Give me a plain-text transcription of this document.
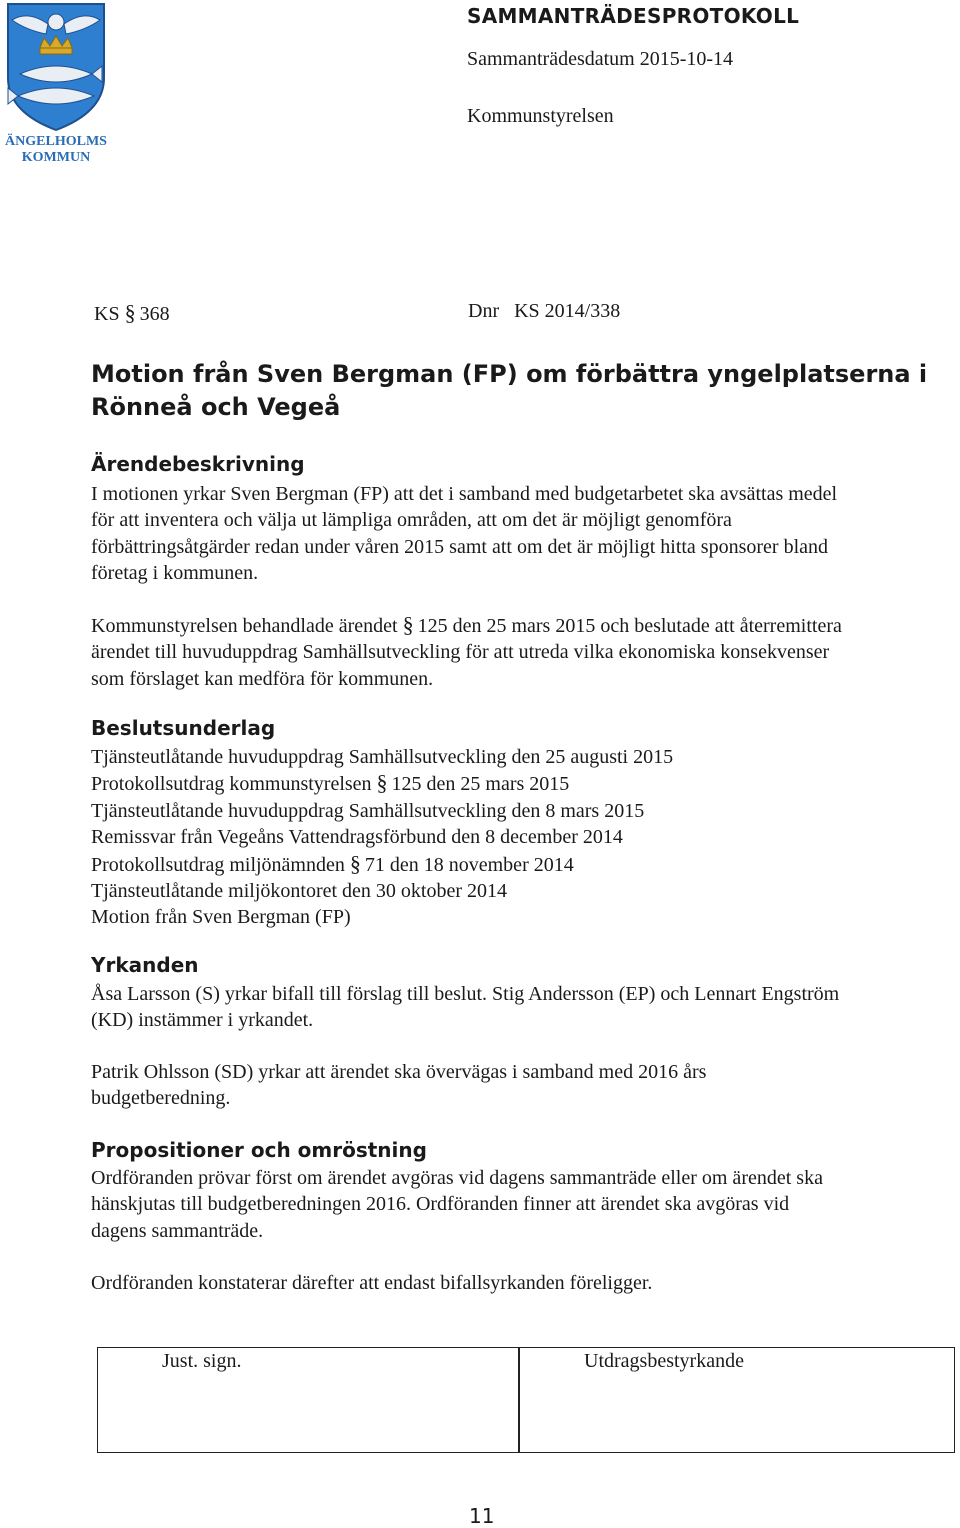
ÄNGELHOLMS
KOMMUN
SAMMANTRÄDESPROTOKOLL
Sammanträdesdatum 2015-10-14
Kommunstyrelsen
KS § 368	Dnr KS 2014/338
Motion från Sven Bergman (FP) om förbättra yngelplatserna i
Rönneå och Vegeå
Ärendebeskrivning
I motionen yrkar Sven Bergman (FP) att det i samband med budgetarbetet ska avsättas medel
för att inventera och välja ut lämpliga områden, att om det är möjligt genomföra
förbättringsåtgärder redan under våren 2015 samt att om det är möjligt hitta sponsorer bland
företag i kommunen.
Kommunstyrelsen behandlade ärendet § 125 den 25 mars 2015 och beslutade att återremittera
ärendet till huvuduppdrag Samhällsutveckling för att utreda vilka ekonomiska konsekvenser
som förslaget kan medföra för kommunen.
Beslutsunderlag
Tjänsteutlåtande huvuduppdrag Samhällsutveckling den 25 augusti 2015
Protokollsutdrag kommunstyrelsen § 125 den 25 mars 2015
Tjänsteutlåtande huvuduppdrag Samhällsutveckling den 8 mars 2015
Remissvar från Vegeåns Vattendragsförbund den 8 december 2014
Protokollsutdrag miljönämnden § 71 den 18 november 2014
Tjänsteutlåtande miljökontoret den 30 oktober 2014
Motion från Sven Bergman (FP)
Yrkanden
Åsa Larsson (S) yrkar bifall till förslag till beslut. Stig Andersson (EP) och Lennart Engström
(KD) instämmer i yrkandet.
Patrik Ohlsson (SD) yrkar att ärendet ska övervägas i samband med 2016 års
budgetberedning.
Propositioner och omröstning
Ordföranden prövar först om ärendet avgöras vid dagens sammanträde eller om ärendet ska
hänskjutas till budgetberedningen 2016. Ordföranden finner att ärendet ska avgöras vid
dagens sammanträde.
Ordföranden konstaterar därefter att endast bifallsyrkanden föreligger.
Just. sign.	Utdragsbestyrkande
11
